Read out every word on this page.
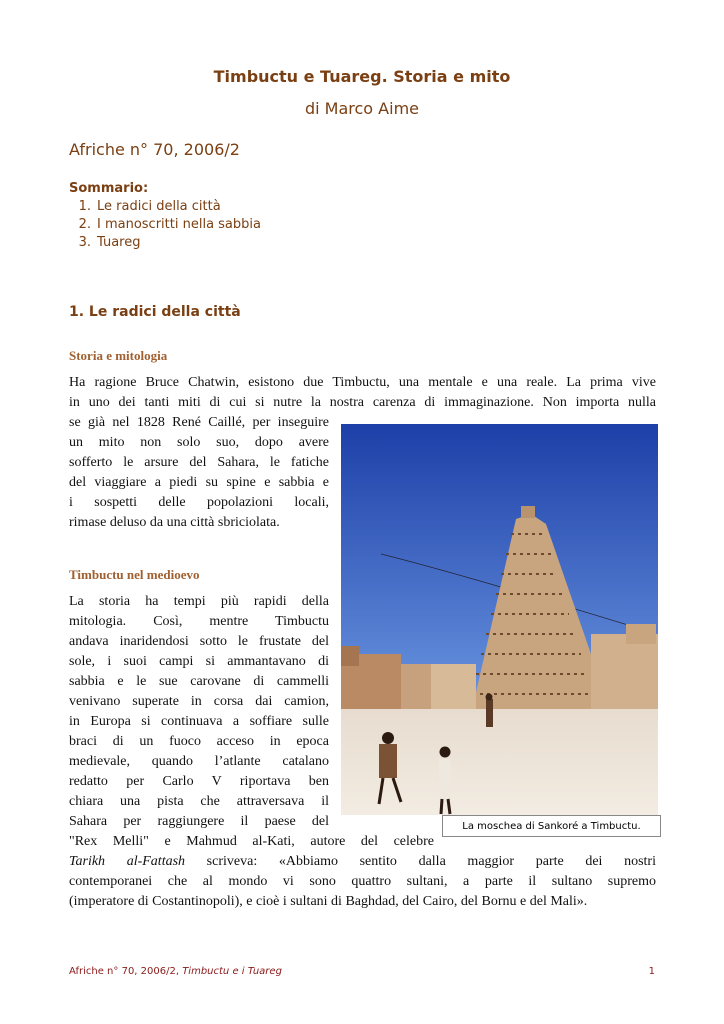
Timbuctu e Tuareg. Storia e mito
di Marco Aime
Afriche n° 70, 2006/2
Sommario:
1. Le radici della città
2. I manoscritti nella sabbia
3. Tuareg
1. Le radici della città
Storia e mitologia
Ha ragione Bruce Chatwin, esistono due Timbuctu, una mentale e una reale. La prima vive
in uno dei tanti miti di cui si nutre la nostra carenza di immaginazione. Non importa nulla
se già nel 1828 René Caillé, per inseguire
un mito non solo suo, dopo avere
sofferto le arsure del Sahara, le fatiche
del viaggiare a piedi su spine e sabbia e
i sospetti delle popolazioni locali,
rimase deluso da una città sbriciolata.
Timbuctu nel medioevo
La storia ha tempi più rapidi della
mitologia. Così, mentre Timbuctu
andava inaridendosi sotto le frustate del
sole, i suoi campi si ammantavano di
sabbia e le sue carovane di cammelli
venivano superate in corsa dai camion,
in Europa si continuava a soffiare sulle
braci di un fuoco acceso in epoca
medievale, quando l’atlante catalano
redatto per Carlo V riportava ben
chiara una pista che attraversava il
Sahara per raggiungere il paese del
"Rex Melli" e Mahmud al-Kati, autore del celebre
Tarikh al-Fattash scriveva: «Abbiamo sentito dalla maggior parte dei nostri
contemporanei che al mondo vi sono quattro sultani, a parte il sultano supremo
(imperatore di Costantinopoli), e cioè i sultani di Baghdad, del Cairo, del Bornu e del Mali».
La moschea di Sankoré a Timbuctu.
Afriche n° 70, 2006/2, Timbuctu e i Tuareg	1
